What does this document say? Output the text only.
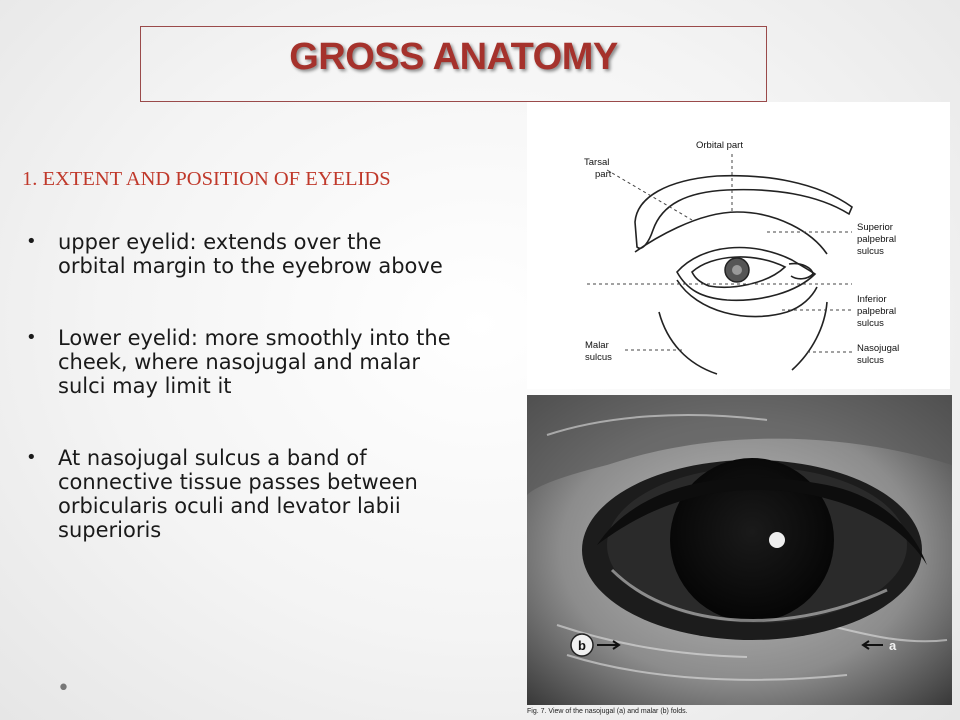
GROSS ANATOMY
1. EXTENT AND POSITION OF EYELIDS
• upper eyelid: extends over the orbital margin to the eyebrow above
• Lower eyelid: more smoothly into the cheek, where nasojugal and malar sulci may limit it
• At nasojugal sulcus a band of connective tissue passes between orbicularis oculi and levator labii superioris
•
Orbital part
Tarsal
part
Superior
palpebral
sulcus
Inferior
palpebral
sulcus
Malar
sulcus
Nasojugal
sulcus
b	a
Fig. 7. View of the nasojugal (a) and malar (b) folds.
